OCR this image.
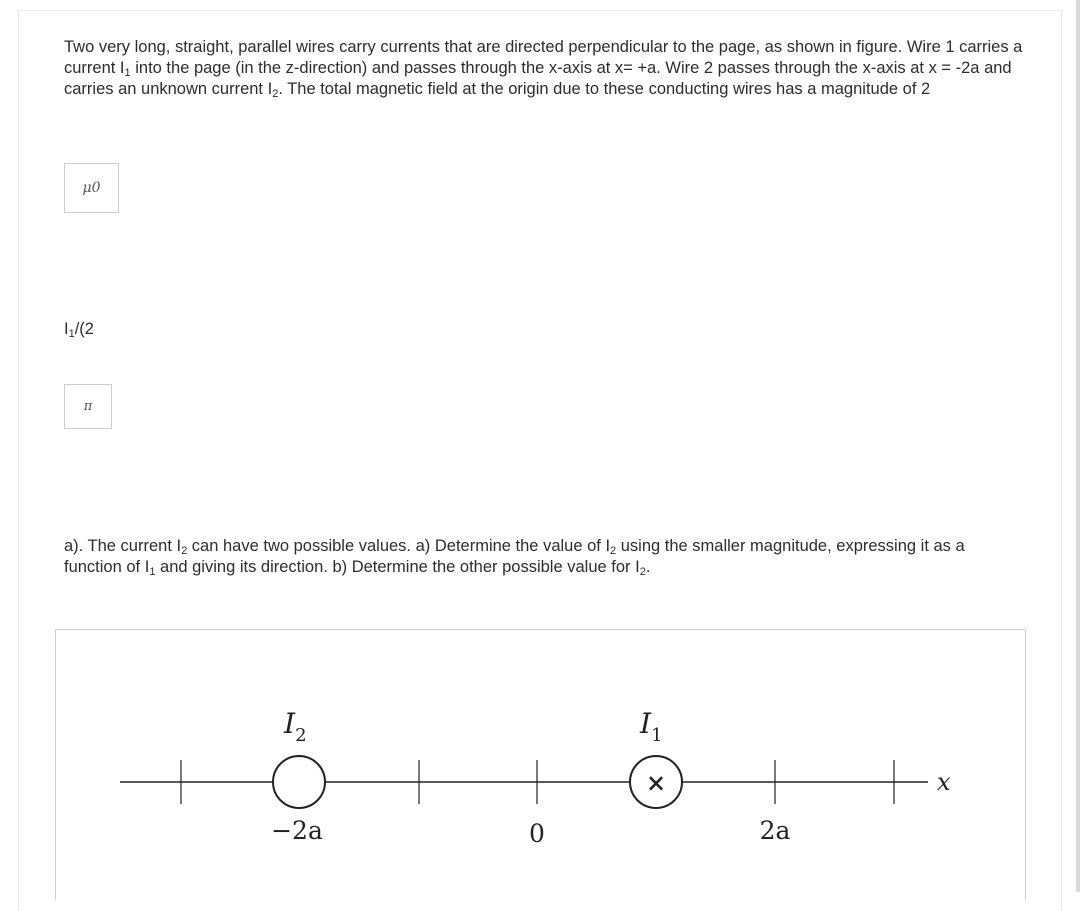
Two very long, straight, parallel wires carry currents that are directed perpendicular to the page, as shown in figure. Wire 1 carries a current $I_1$ into the page (in the z-direction) and passes through the x-axis at x= +a. Wire 2 passes through the x-axis at x = -2a and carries an unknown current $I_2$. The total magnetic field at the origin due to these conducting wires has a magnitude of 2

μ0
$I_1/(2$
π

a). The current $I_2$ can have two possible values. a) Determine the value of $I_2$ using the smaller magnitude, expressing it as a function of $I_1$ and giving its direction. b) Determine the other possible value for $I_2$.

×
$I_2$	$I_1$
x
−2a	0	2a
